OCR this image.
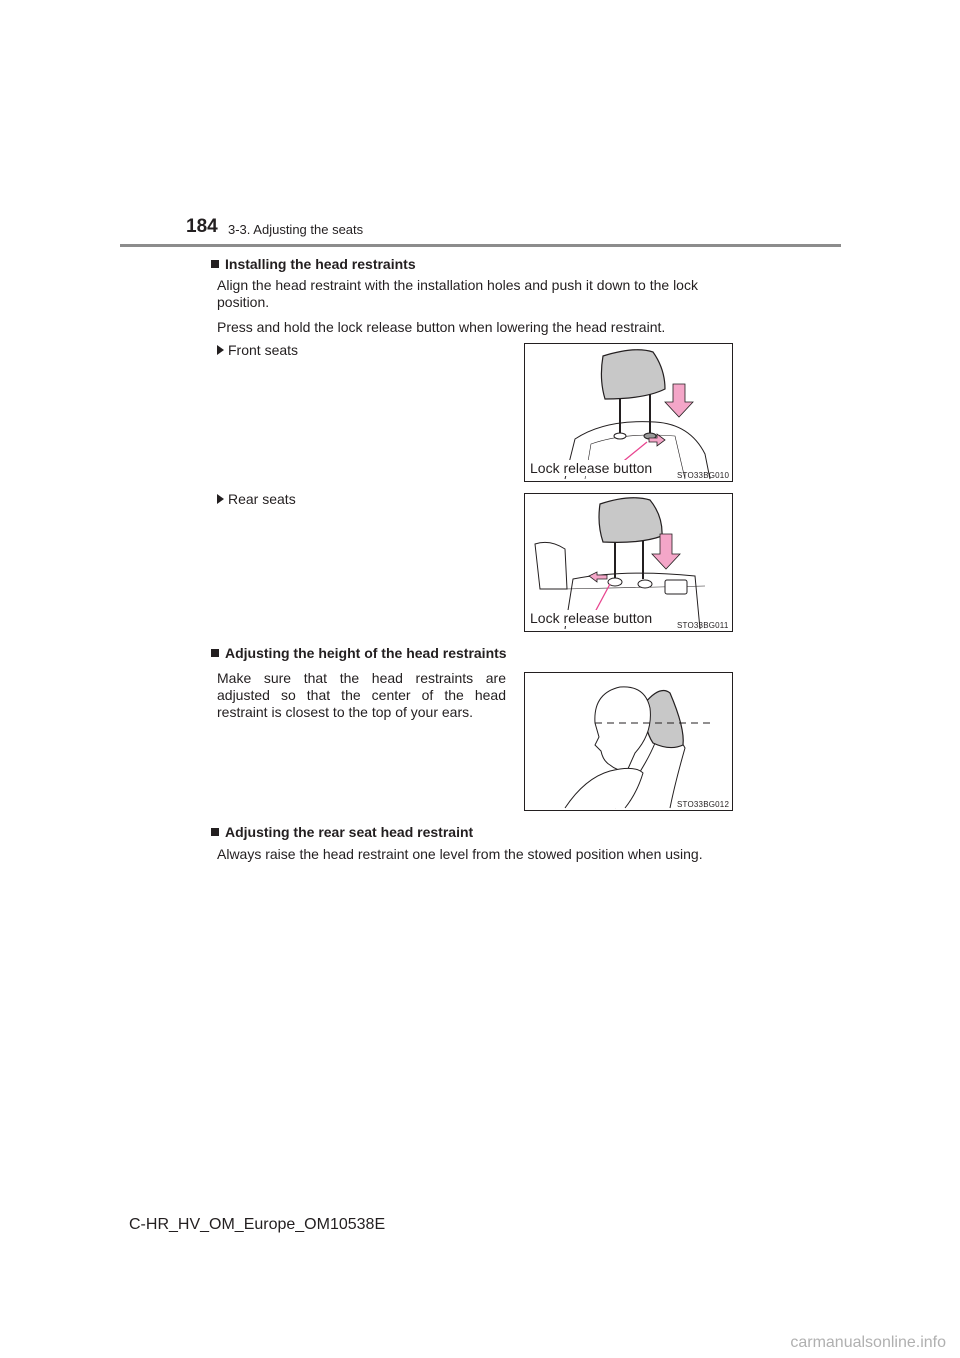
184 3-3. Adjusting the seats
Installing the head restraints
Align the head restraint with the installation holes and push it down to the lock
position.
Press and hold the lock release button when lowering the head restraint.
Front seats
Lock release button	STO33BG010
Rear seats
Lock release button	STO33BG011
Adjusting the height of the head restraints
Make sure that the head restraints are adjusted so that the center of the head restraint is closest to the top of your ears.
STO33BG012
Adjusting the rear seat head restraint
Always raise the head restraint one level from the stowed position when using.
C-HR_HV_OM_Europe_OM10538E
carmanualsonline.info
